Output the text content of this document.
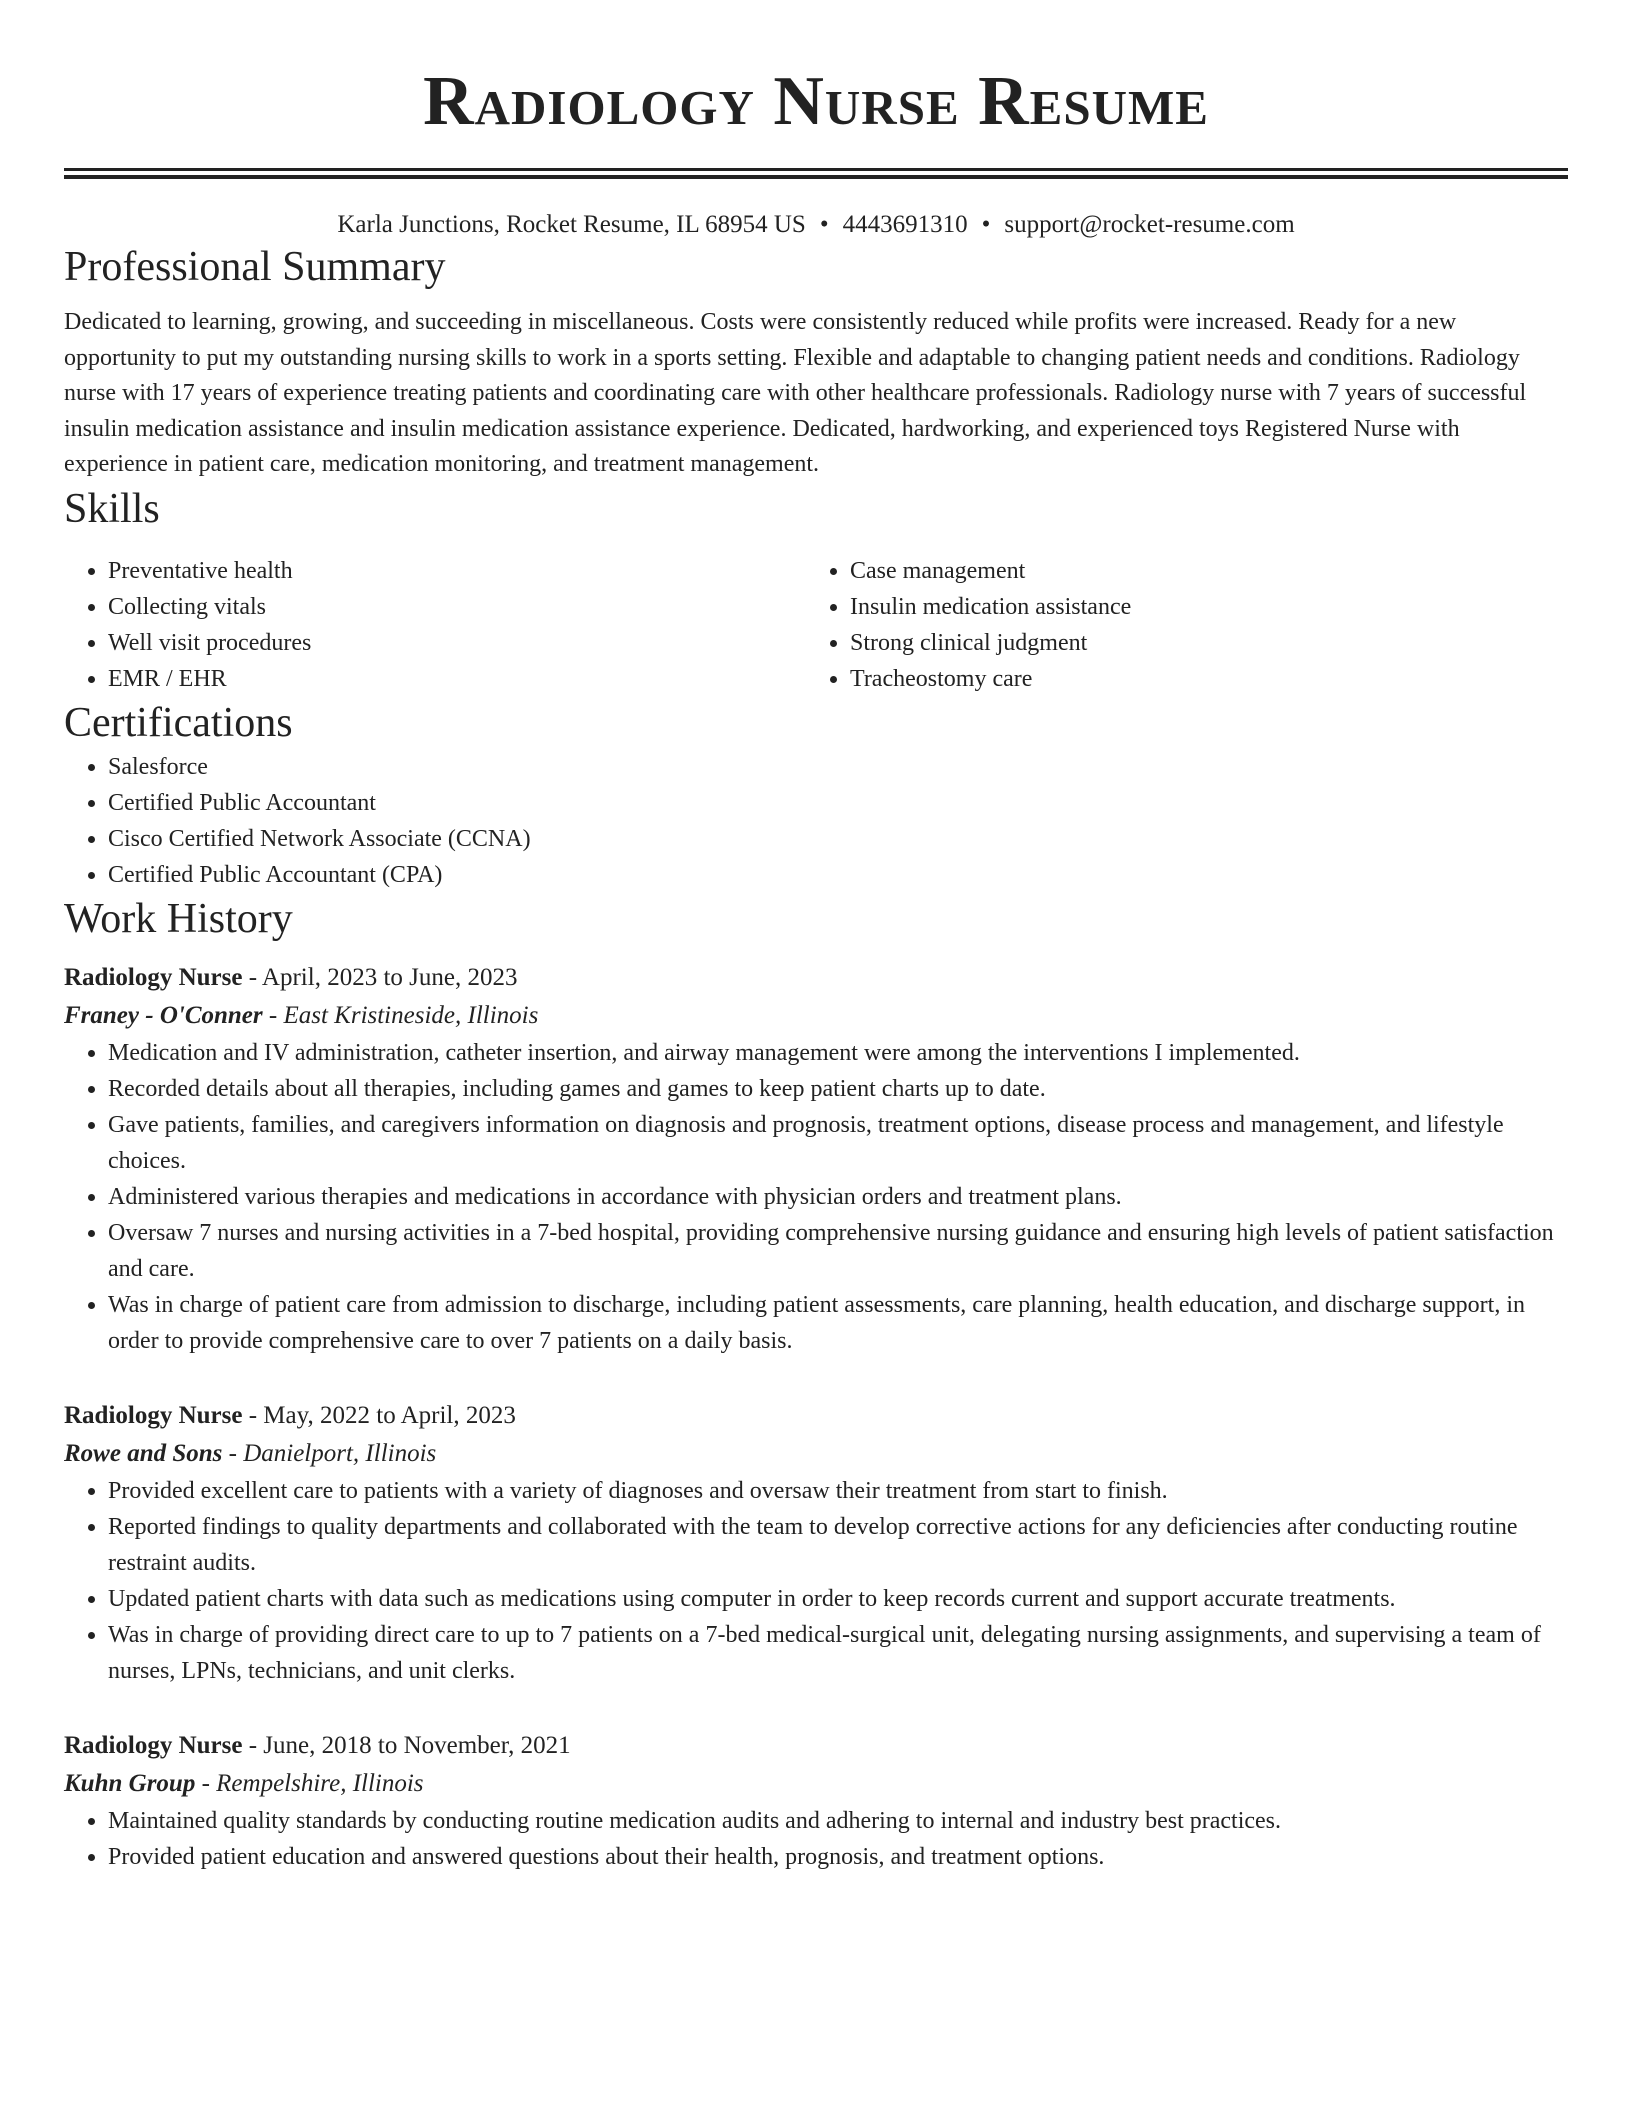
Radiology Nurse Resume
Karla Junctions, Rocket Resume, IL 68954 US • 4443691310 • support@rocket-resume.com
Professional Summary

Dedicated to learning, growing, and succeeding in miscellaneous. Costs were consistently reduced while profits were increased. Ready for a new opportunity to put my outstanding nursing skills to work in a sports setting. Flexible and adaptable to changing patient needs and conditions. Radiology nurse with 17 years of experience treating patients and coordinating care with other healthcare professionals. Radiology nurse with 7 years of successful insulin medication assistance and insulin medication assistance experience. Dedicated, hardworking, and experienced toys Registered Nurse with experience in patient care, medication monitoring, and treatment management.

Skills
• Preventative health
• Collecting vitals
• Well visit procedures
• EMR / EHR
• Case management
• Insulin medication assistance
• Strong clinical judgment
• Tracheostomy care
Certifications
• Salesforce
• Certified Public Accountant
• Cisco Certified Network Associate (CCNA)
• Certified Public Accountant (CPA)
Work History
Radiology Nurse - April, 2023 to June, 2023
Franey - O'Conner - East Kristineside, Illinois
• Medication and IV administration, catheter insertion, and airway management were among the interventions I implemented.
• Recorded details about all therapies, including games and games to keep patient charts up to date.
• Gave patients, families, and caregivers information on diagnosis and prognosis, treatment options, disease process and management, and lifestyle choices.
• Administered various therapies and medications in accordance with physician orders and treatment plans.
• Oversaw 7 nurses and nursing activities in a 7-bed hospital, providing comprehensive nursing guidance and ensuring high levels of patient satisfaction and care.
• Was in charge of patient care from admission to discharge, including patient assessments, care planning, health education, and discharge support, in order to provide comprehensive care to over 7 patients on a daily basis.
Radiology Nurse - May, 2022 to April, 2023
Rowe and Sons - Danielport, Illinois
• Provided excellent care to patients with a variety of diagnoses and oversaw their treatment from start to finish.
• Reported findings to quality departments and collaborated with the team to develop corrective actions for any deficiencies after conducting routine restraint audits.
• Updated patient charts with data such as medications using computer in order to keep records current and support accurate treatments.
• Was in charge of providing direct care to up to 7 patients on a 7-bed medical-surgical unit, delegating nursing assignments, and supervising a team of nurses, LPNs, technicians, and unit clerks.
Radiology Nurse - June, 2018 to November, 2021
Kuhn Group - Rempelshire, Illinois
• Maintained quality standards by conducting routine medication audits and adhering to internal and industry best practices.
• Provided patient education and answered questions about their health, prognosis, and treatment options.
